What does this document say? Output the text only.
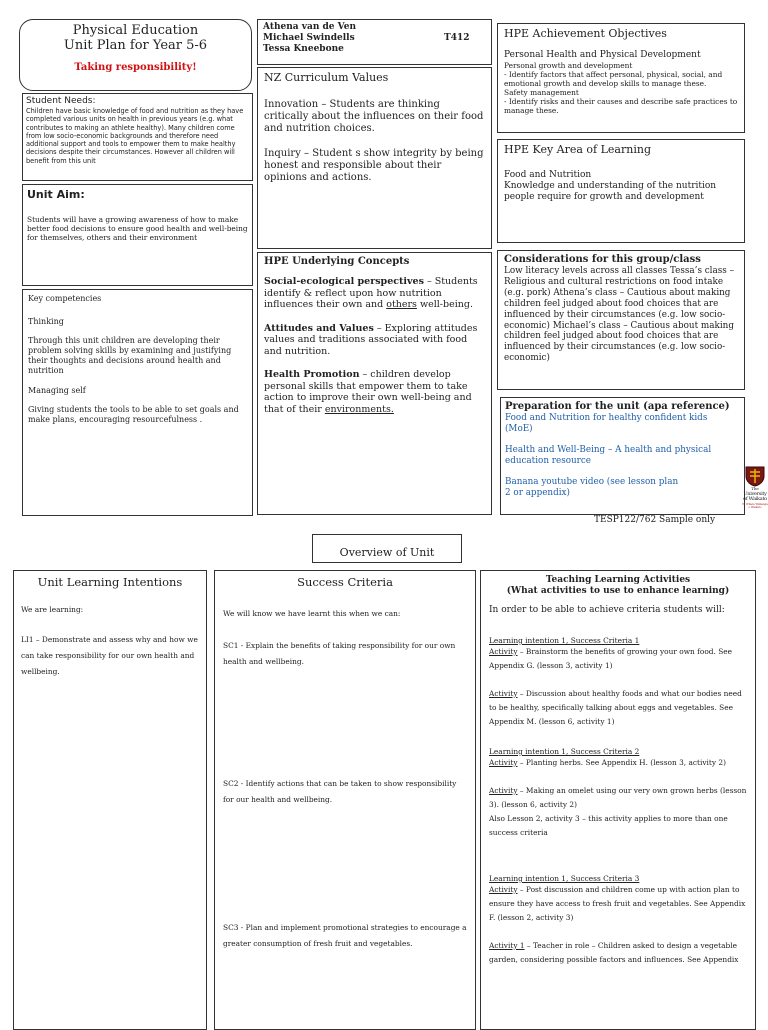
Physical Education

Unit Plan for Year 5-6

Taking responsibility!

Student Needs:

Children have basic knowledge of food and nutrition as they have completed various units on health in previous years (e.g. what contributes to making an athlete healthy). Many children come from low socio-economic backgrounds and therefore need additional support and tools to empower them to make healthy decisions despite their circumstances. However all children will benefit from this unit

Unit Aim:

Students will have a growing awareness of how to make better food decisions to ensure good health and well-being for themselves, others and their environment

Key competencies

Thinking

Through this unit children are developing their problem solving skills by examining and justifying their thoughts and decisions around health and nutrition

Managing self

Giving students the tools to be able to set goals and make plans, encouraging resourcefulness .

Athena van de Ven

Michael Swindells

Tessa Kneebone

T412

NZ Curriculum Values

Innovation – Students are thinking critically about the influences on their food and nutrition choices.

Inquiry – Student s show integrity by being honest and responsible about their opinions and actions.

HPE Underlying Concepts

Social-ecological perspectives – Students identify & reflect upon how nutrition influences their own and others well-being.

Attitudes and Values – Exploring attitudes values and traditions associated with food and nutrition.

Health Promotion – children develop personal skills that empower them to take action to improve their own well-being and that of their environments.

HPE Achievement Objectives

Personal Health and Physical Development

Personal growth and development

- Identify factors that affect personal, physical, social, and emotional growth and develop skills to manage these.

Safety management

- Identify risks and their causes and describe safe practices to manage these.

HPE Key Area of Learning

Food and Nutrition

Knowledge and understanding of the nutrition people require for growth and development

Considerations for this group/class

Low literacy levels across all classes Tessa’s class – Religious and cultural restrictions on food intake (e.g. pork) Athena’s class – Cautious about making children feel judged about food choices that are influenced by their circumstances (e.g. low socio-economic) Michael’s class – Cautious about making children feel judged about food choices that are influenced by their circumstances (e.g. low socio-economic)

Preparation for the unit (apa reference)

Food and Nutrition for healthy confident kids (MoE)

Health and Well-Being – A health and physical education resource

Banana youtube video (see lesson plan 2 or appendix)	The
University
of Waikato
Te Whare Wānanga o Waikato
TESP122/762 Sample only
Overview of Unit

Unit Learning Intentions

We are learning:

LI1 – Demonstrate and assess why and how we can take responsibility for our own health and wellbeing.

Success Criteria

We will know we have learnt this when we can:

SC1 - Explain the benefits of taking responsibility for our own health and wellbeing.

SC2 - Identify actions that can be taken to show responsibility for our health and wellbeing.

SC3 - Plan and implement promotional strategies to encourage a greater consumption of fresh fruit and vegetables.

Teaching Learning Activities

(What activities to use to enhance learning)

In order to be able to achieve criteria students will:

Learning intention 1, Success Criteria 1

Activity – Brainstorm the benefits of growing your own food. See Appendix G. (lesson 3, activity 1)

Activity – Discussion about healthy foods and what our bodies need to be healthy, specifically talking about eggs and vegetables. See Appendix M. (lesson 6, activity 1)

Learning intention 1, Success Criteria 2

Activity – Planting herbs. See Appendix H. (lesson 3, activity 2)

Activity – Making an omelet using our very own grown herbs (lesson 3). (lesson 6, activity 2)

Also Lesson 2, activity 3 – this activity applies to more than one success criteria

Learning intention 1, Success Criteria 3

Activity – Post discussion and children come up with action plan to ensure they have access to fresh fruit and vegetables. See Appendix F. (lesson 2, activity 3)

Activity 1 – Teacher in role – Children asked to design a vegetable garden, considering possible factors and influences. See Appendix
